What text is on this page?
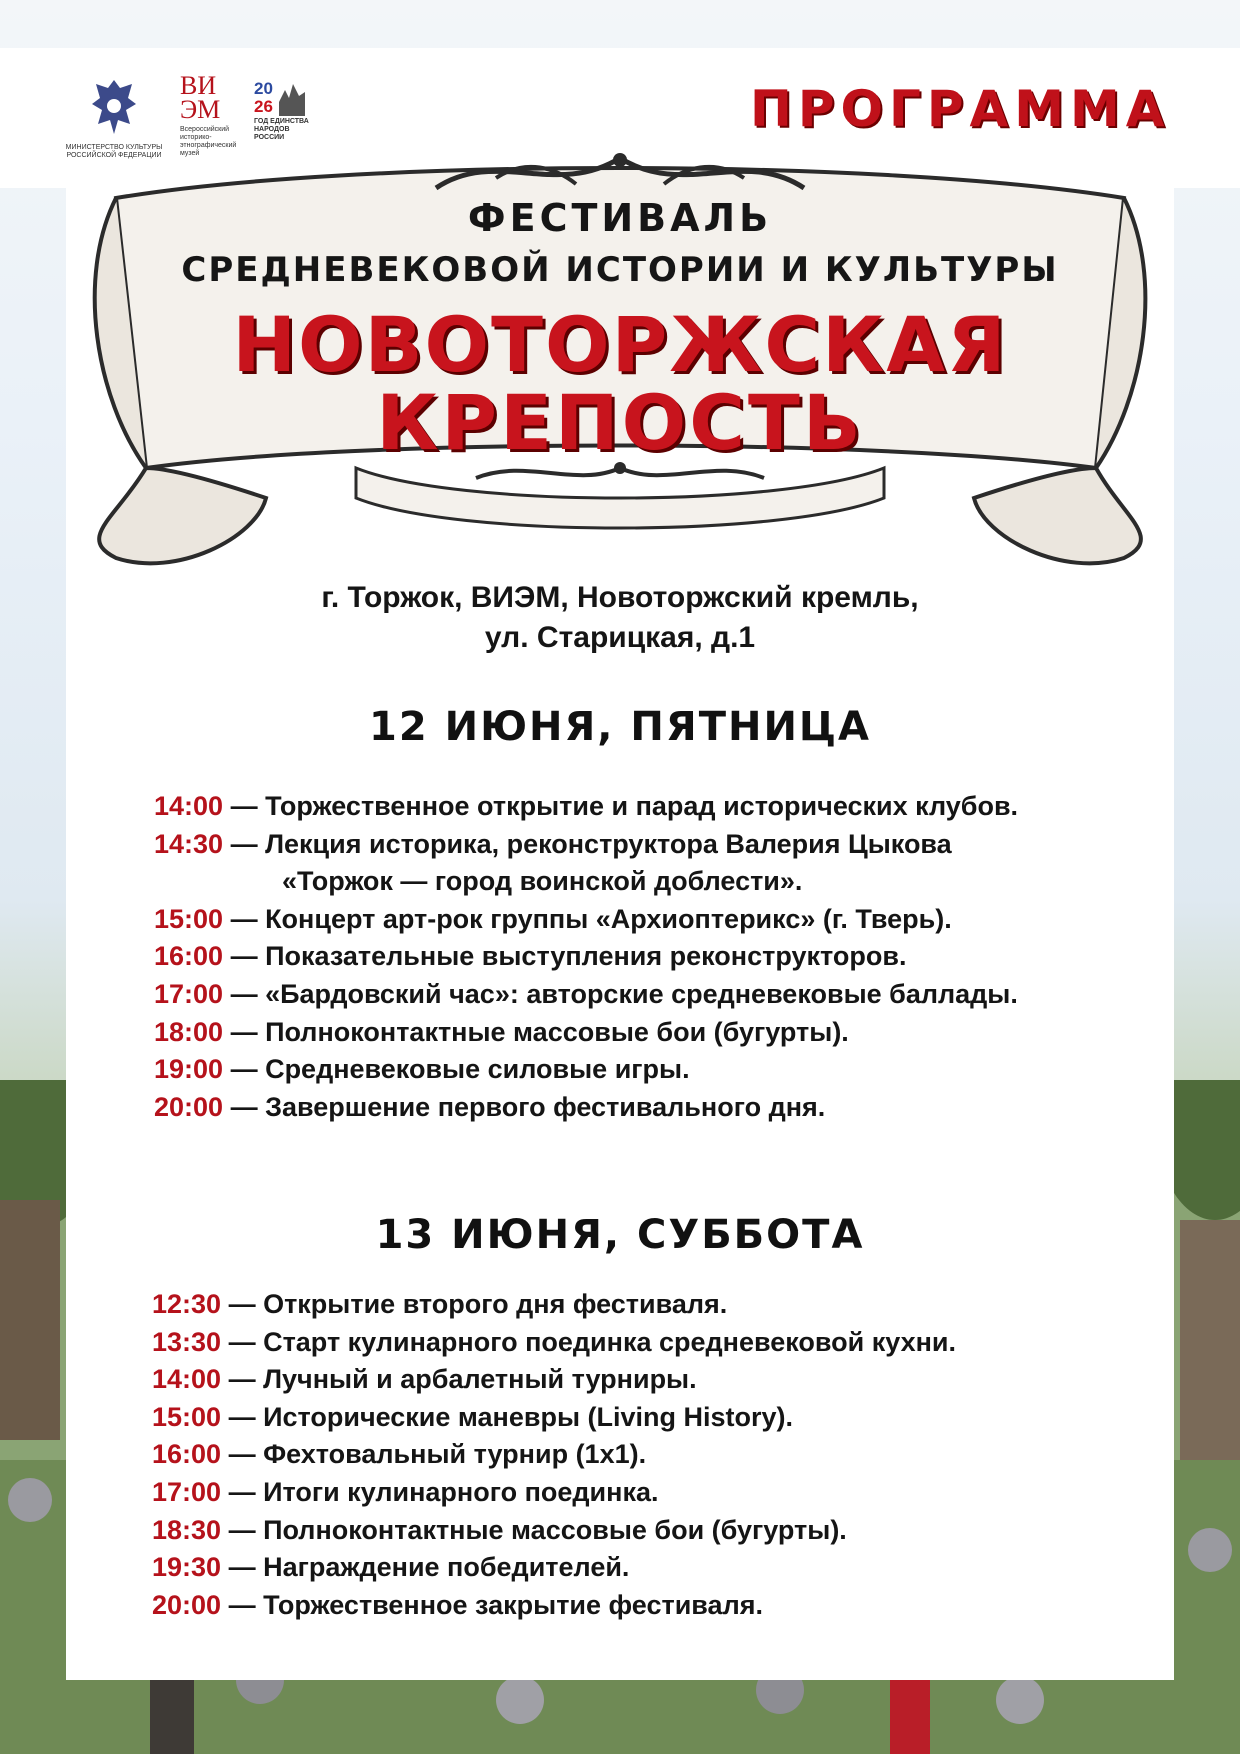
МИНИСТЕРСТВО КУЛЬТУРЫ
РОССИЙСКОЙ ФЕДЕРАЦИИ
ВИ
ЭМ
Всероссийский
историко-
этнографический
музей
20
26
ГОД ЕДИНСТВА
НАРОДОВ РОССИИ	ПРОГРАММА
ФЕСТИВАЛЬ
СРЕДНЕВЕКОВОЙ ИСТОРИИ И КУЛЬТУРЫ
НОВОТОРЖСКАЯ
КРЕПОСТЬ
г. Торжок, ВИЭМ, Новоторжский кремль,
ул. Старицкая, д.1
12 ИЮНЯ, ПЯТНИЦА
14:00 — Торжественное открытие и парад исторических клубов.
14:30 — Лекция историка, реконструктора Валерия Цыкова
«Торжок — город воинской доблести».
15:00 — Концерт арт-рок группы «Архиоптерикс» (г. Тверь).
16:00 — Показательные выступления реконструкторов.
17:00 — «Бардовский час»: авторские средневековые баллады.
18:00 — Полноконтактные массовые бои (бугурты).
19:00 — Средневековые силовые игры.
20:00 — Завершение первого фестивального дня.
13 ИЮНЯ, СУББОТА
12:30 — Открытие второго дня фестиваля.
13:30 — Старт кулинарного поединка средневековой кухни.
14:00 — Лучный и арбалетный турниры.
15:00 — Исторические маневры (Living History).
16:00 — Фехтовальный турнир (1х1).
17:00 — Итоги кулинарного поединка.
18:30 — Полноконтактные массовые бои (бугурты).
19:30 — Награждение победителей.
20:00 — Торжественное закрытие фестиваля.
